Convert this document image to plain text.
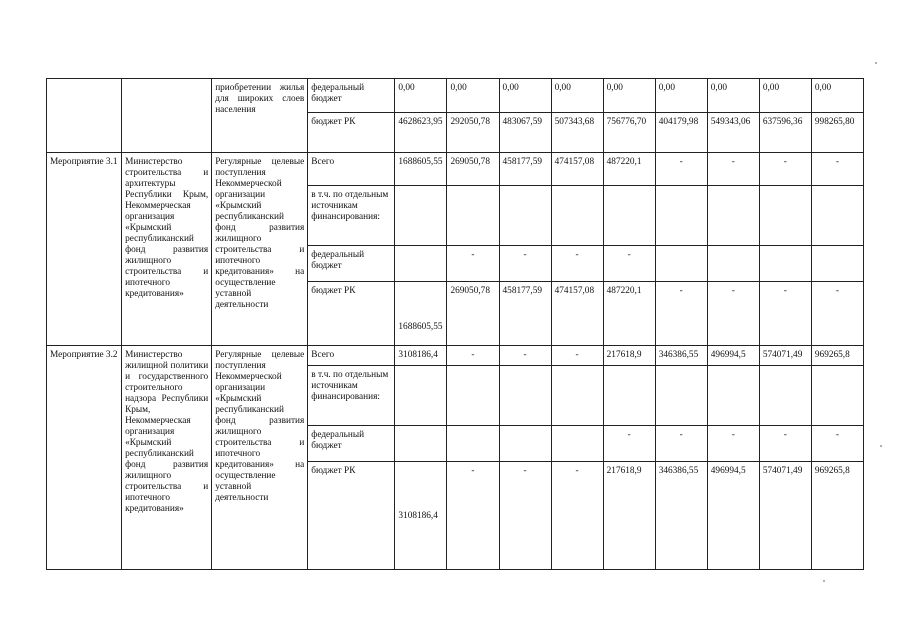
		приобретении жилья для широких слоев населения	федеральный бюджет	0,00	0,00	0,00	0,00	0,00	0,00	0,00	0,00	0,00
			бюджет РК	4628623,95	292050,78	483067,59	507343,68	756776,70	404179,98	549343,06	637596,36	998265,80
Мероприятие 3.1	Министерство строительства и архитектуры Республики Крым, Некоммерческая организация «Крымский республиканский фонд развития жилищного строительства и ипотечного кредитования»	Регулярные целевые поступления Некоммерческой организации «Крымский республиканский фонд развития жилищного строительства и ипотечного кредитования» на осуществление уставной деятельности	Всего	1688605,55	269050,78	458177,59	474157,08	487220,1	-	-	-	-
			в т.ч. по отдельным источникам финансирования:									
			федеральный бюджет		-	-	-	-				
			бюджет РК	1688605,55	269050,78	458177,59	474157,08	487220,1	-	-	-	-
Мероприятие 3.2	Министерство жилищной политики и государственного строительного надзора Республики Крым, Некоммерческая организация «Крымский республиканский фонд развития жилищного строительства и ипотечного кредитования»	Регулярные целевые поступления Некоммерческой организации «Крымский республиканский фонд развития жилищного строительства и ипотечного кредитования» на осуществление уставной деятельности	Всего	3108186,4	-	-	-	217618,9	346386,55	496994,5	574071,49	969265,8
			в т.ч. по отдельным источникам финансирования:									
			федеральный бюджет					-	-	-	-	-
			бюджет РК	3108186,4	-	-	-	217618,9	346386,55	496994,5	574071,49	969265,8
